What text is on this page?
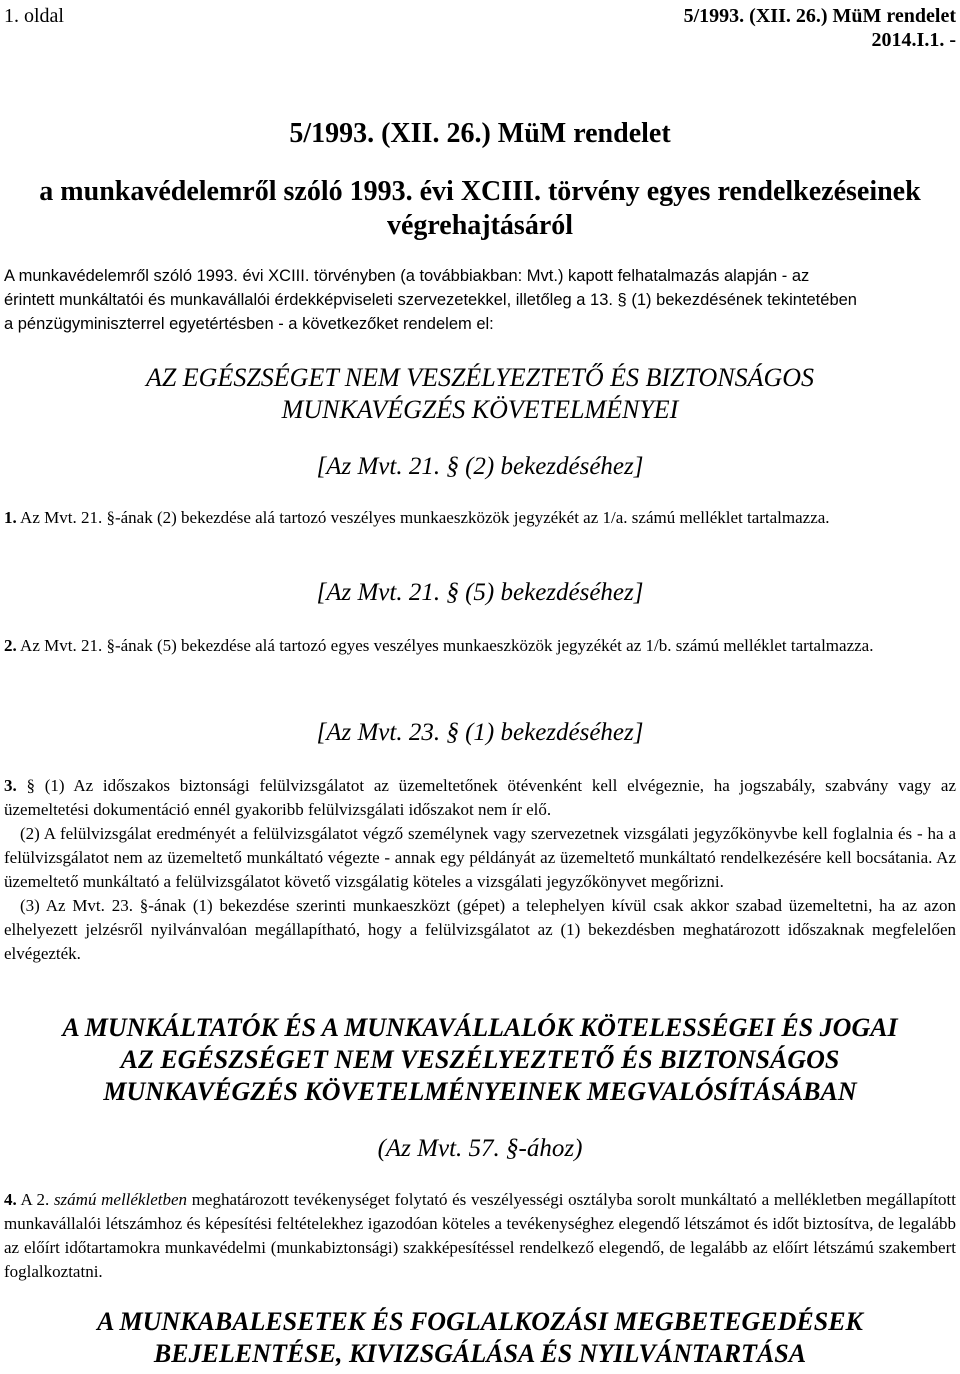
1. oldal	5/1993. (XII. 26.) MüM rendelet
2014.I.1. -
5/1993. (XII. 26.) MüM rendelet
a munkavédelemről szóló 1993. évi XCIII. törvény egyes rendelkezéseinek
végrehajtásáról
A munkavédelemről szóló 1993. évi XCIII. törvényben (a továbbiakban: Mvt.) kapott felhatalmazás alapján - az
érintett munkáltatói és munkavállalói érdekképviseleti szervezetekkel, illetőleg a 13. § (1) bekezdésének tekintetében
a pénzügyminiszterrel egyetértésben - a következőket rendelem el:
AZ EGÉSZSÉGET NEM VESZÉLYEZTETŐ ÉS BIZTONSÁGOS
MUNKAVÉGZÉS KÖVETELMÉNYEI
[Az Mvt. 21. § (2) bekezdéséhez]

1. Az Mvt. 21. §-ának (2) bekezdése alá tartozó veszélyes munkaeszközök jegyzékét az 1/a. számú melléklet tartalmazza.

[Az Mvt. 21. § (5) bekezdéséhez]

2. Az Mvt. 21. §-ának (5) bekezdése alá tartozó egyes veszélyes munkaeszközök jegyzékét az 1/b. számú melléklet tartalmazza.

[Az Mvt. 23. § (1) bekezdéséhez]

3. § (1) Az időszakos biztonsági felülvizsgálatot az üzemeltetőnek ötévenként kell elvégeznie, ha jogszabály, szabvány vagy az üzemeltetési dokumentáció ennél gyakoribb felülvizsgálati időszakot nem ír elő.

(2) A felülvizsgálat eredményét a felülvizsgálatot végző személynek vagy szervezetnek vizsgálati jegyzőkönyvbe kell foglalnia és - ha a felülvizsgálatot nem az üzemeltető munkáltató végezte - annak egy példányát az üzemeltető munkáltató rendelkezésére kell bocsátania. Az üzemeltető munkáltató a felülvizsgálatot követő vizsgálatig köteles a vizsgálati jegyzőkönyvet megőrizni.

(3) Az Mvt. 23. §-ának (1) bekezdése szerinti munkaeszközt (gépet) a telephelyen kívül csak akkor szabad üzemeltetni, ha az azon elhelyezett jelzésről nyilvánvalóan megállapítható, hogy a felülvizsgálatot az (1) bekezdésben meghatározott időszaknak megfelelően elvégezték.

A MUNKÁLTATÓK ÉS A MUNKAVÁLLALÓK KÖTELESSÉGEI ÉS JOGAI
AZ EGÉSZSÉGET NEM VESZÉLYEZTETŐ ÉS BIZTONSÁGOS
MUNKAVÉGZÉS KÖVETELMÉNYEINEK MEGVALÓSÍTÁSÁBAN
(Az Mvt. 57. §-ához)

4. A 2. számú mellékletben meghatározott tevékenységet folytató és veszélyességi osztályba sorolt munkáltató a mellékletben megállapított munkavállalói létszámhoz és képesítési feltételekhez igazodóan köteles a tevékenységhez elegendő létszámot és időt biztosítva, de legalább az előírt időtartamokra munkavédelmi (munkabiztonsági) szakképesítéssel rendelkező elegendő, de legalább az előírt létszámú szakembert foglalkoztatni.

A MUNKABALESETEK ÉS FOGLALKOZÁSI MEGBETEGEDÉSEK
BEJELENTÉSE, KIVIZSGÁLÁSA ÉS NYILVÁNTARTÁSA
